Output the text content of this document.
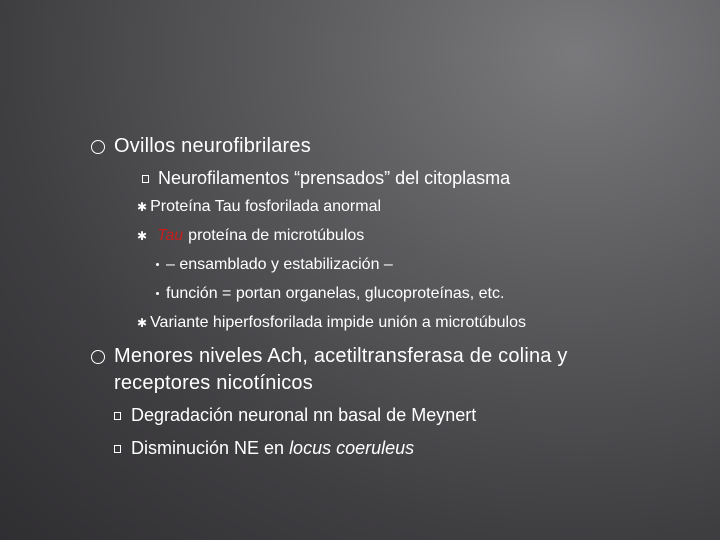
Ovillos neurofibrilares
Neurofilamentos “prensados” del citoplasma
✱ Proteína Tau fosforilada anormal
✱ Tau proteína de microtúbulos
– ensamblado y estabilización –
función = portan organelas, glucoproteínas, etc.
✱ Variante hiperfosforilada impide unión a microtúbulos
Menores niveles Ach, acetiltransferasa de colina y
receptores nicotínicos
Degradación neuronal nn basal de Meynert
Disminución NE en locus coeruleus
